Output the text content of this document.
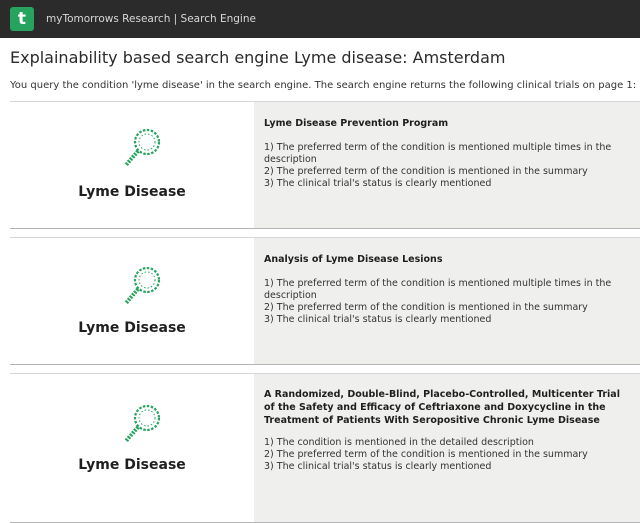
t	myTomorrows Research | Search Engine
Explainability based search engine Lyme disease: Amsterdam
You query the condition 'lyme disease' in the search engine. The search engine returns the following clinical trials on page 1:
Lyme Disease
Lyme Disease Prevention Program
1) The preferred term of the condition is mentioned multiple times in the description
2) The preferred term of the condition is mentioned in the summary
3) The clinical trial's status is clearly mentioned
Lyme Disease
Analysis of Lyme Disease Lesions
1) The preferred term of the condition is mentioned multiple times in the description
2) The preferred term of the condition is mentioned in the summary
3) The clinical trial's status is clearly mentioned
Lyme Disease
A Randomized, Double-Blind, Placebo-Controlled, Multicenter Trial of the Safety and Efficacy of Ceftriaxone and Doxycycline in the Treatment of Patients With Seropositive Chronic Lyme Disease
1) The condition is mentioned in the detailed description
2) The preferred term of the condition is mentioned in the summary
3) The clinical trial's status is clearly mentioned
